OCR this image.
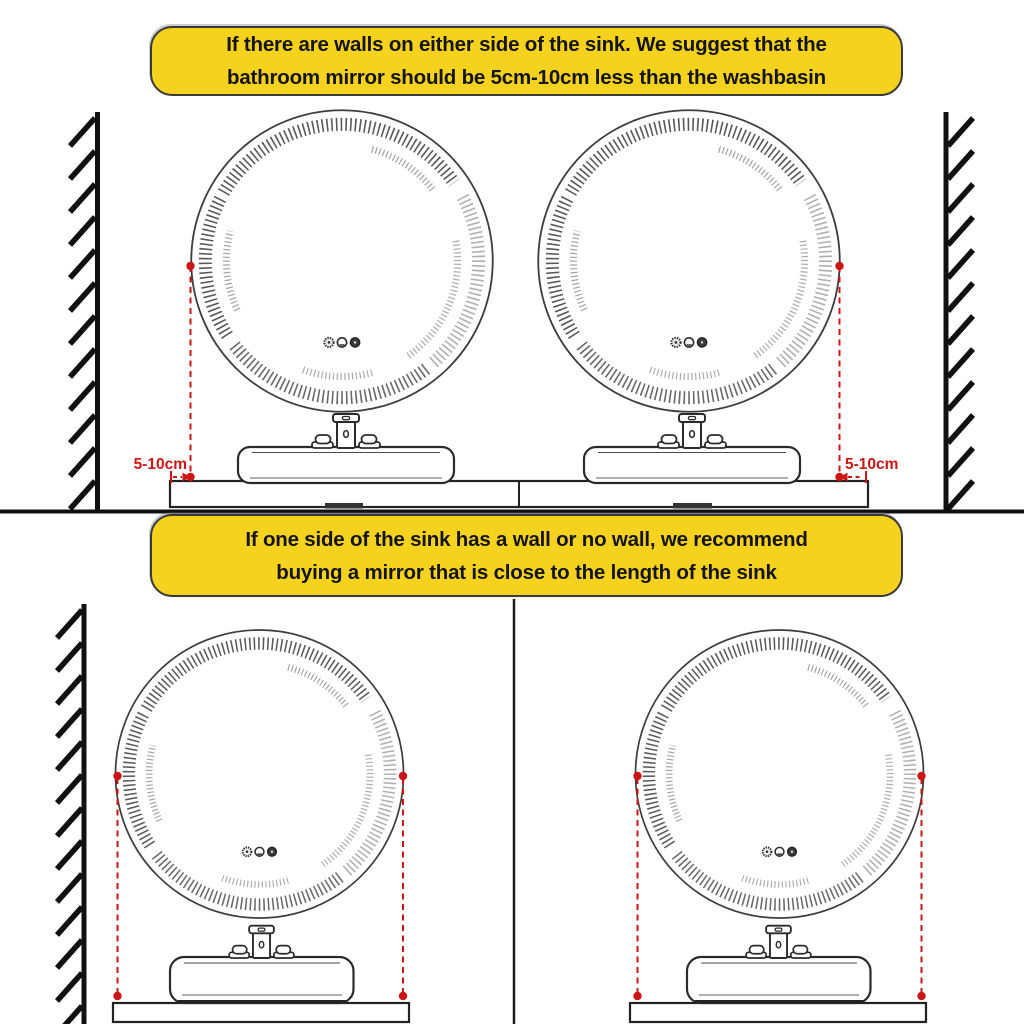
5-10cm	5-10cm
If there are walls on either side of the sink. We suggest that the
bathroom mirror should be 5cm-10cm less than the washbasin
If one side of the sink has a wall or no wall, we recommend
buying a mirror that is close to the length of the sink
